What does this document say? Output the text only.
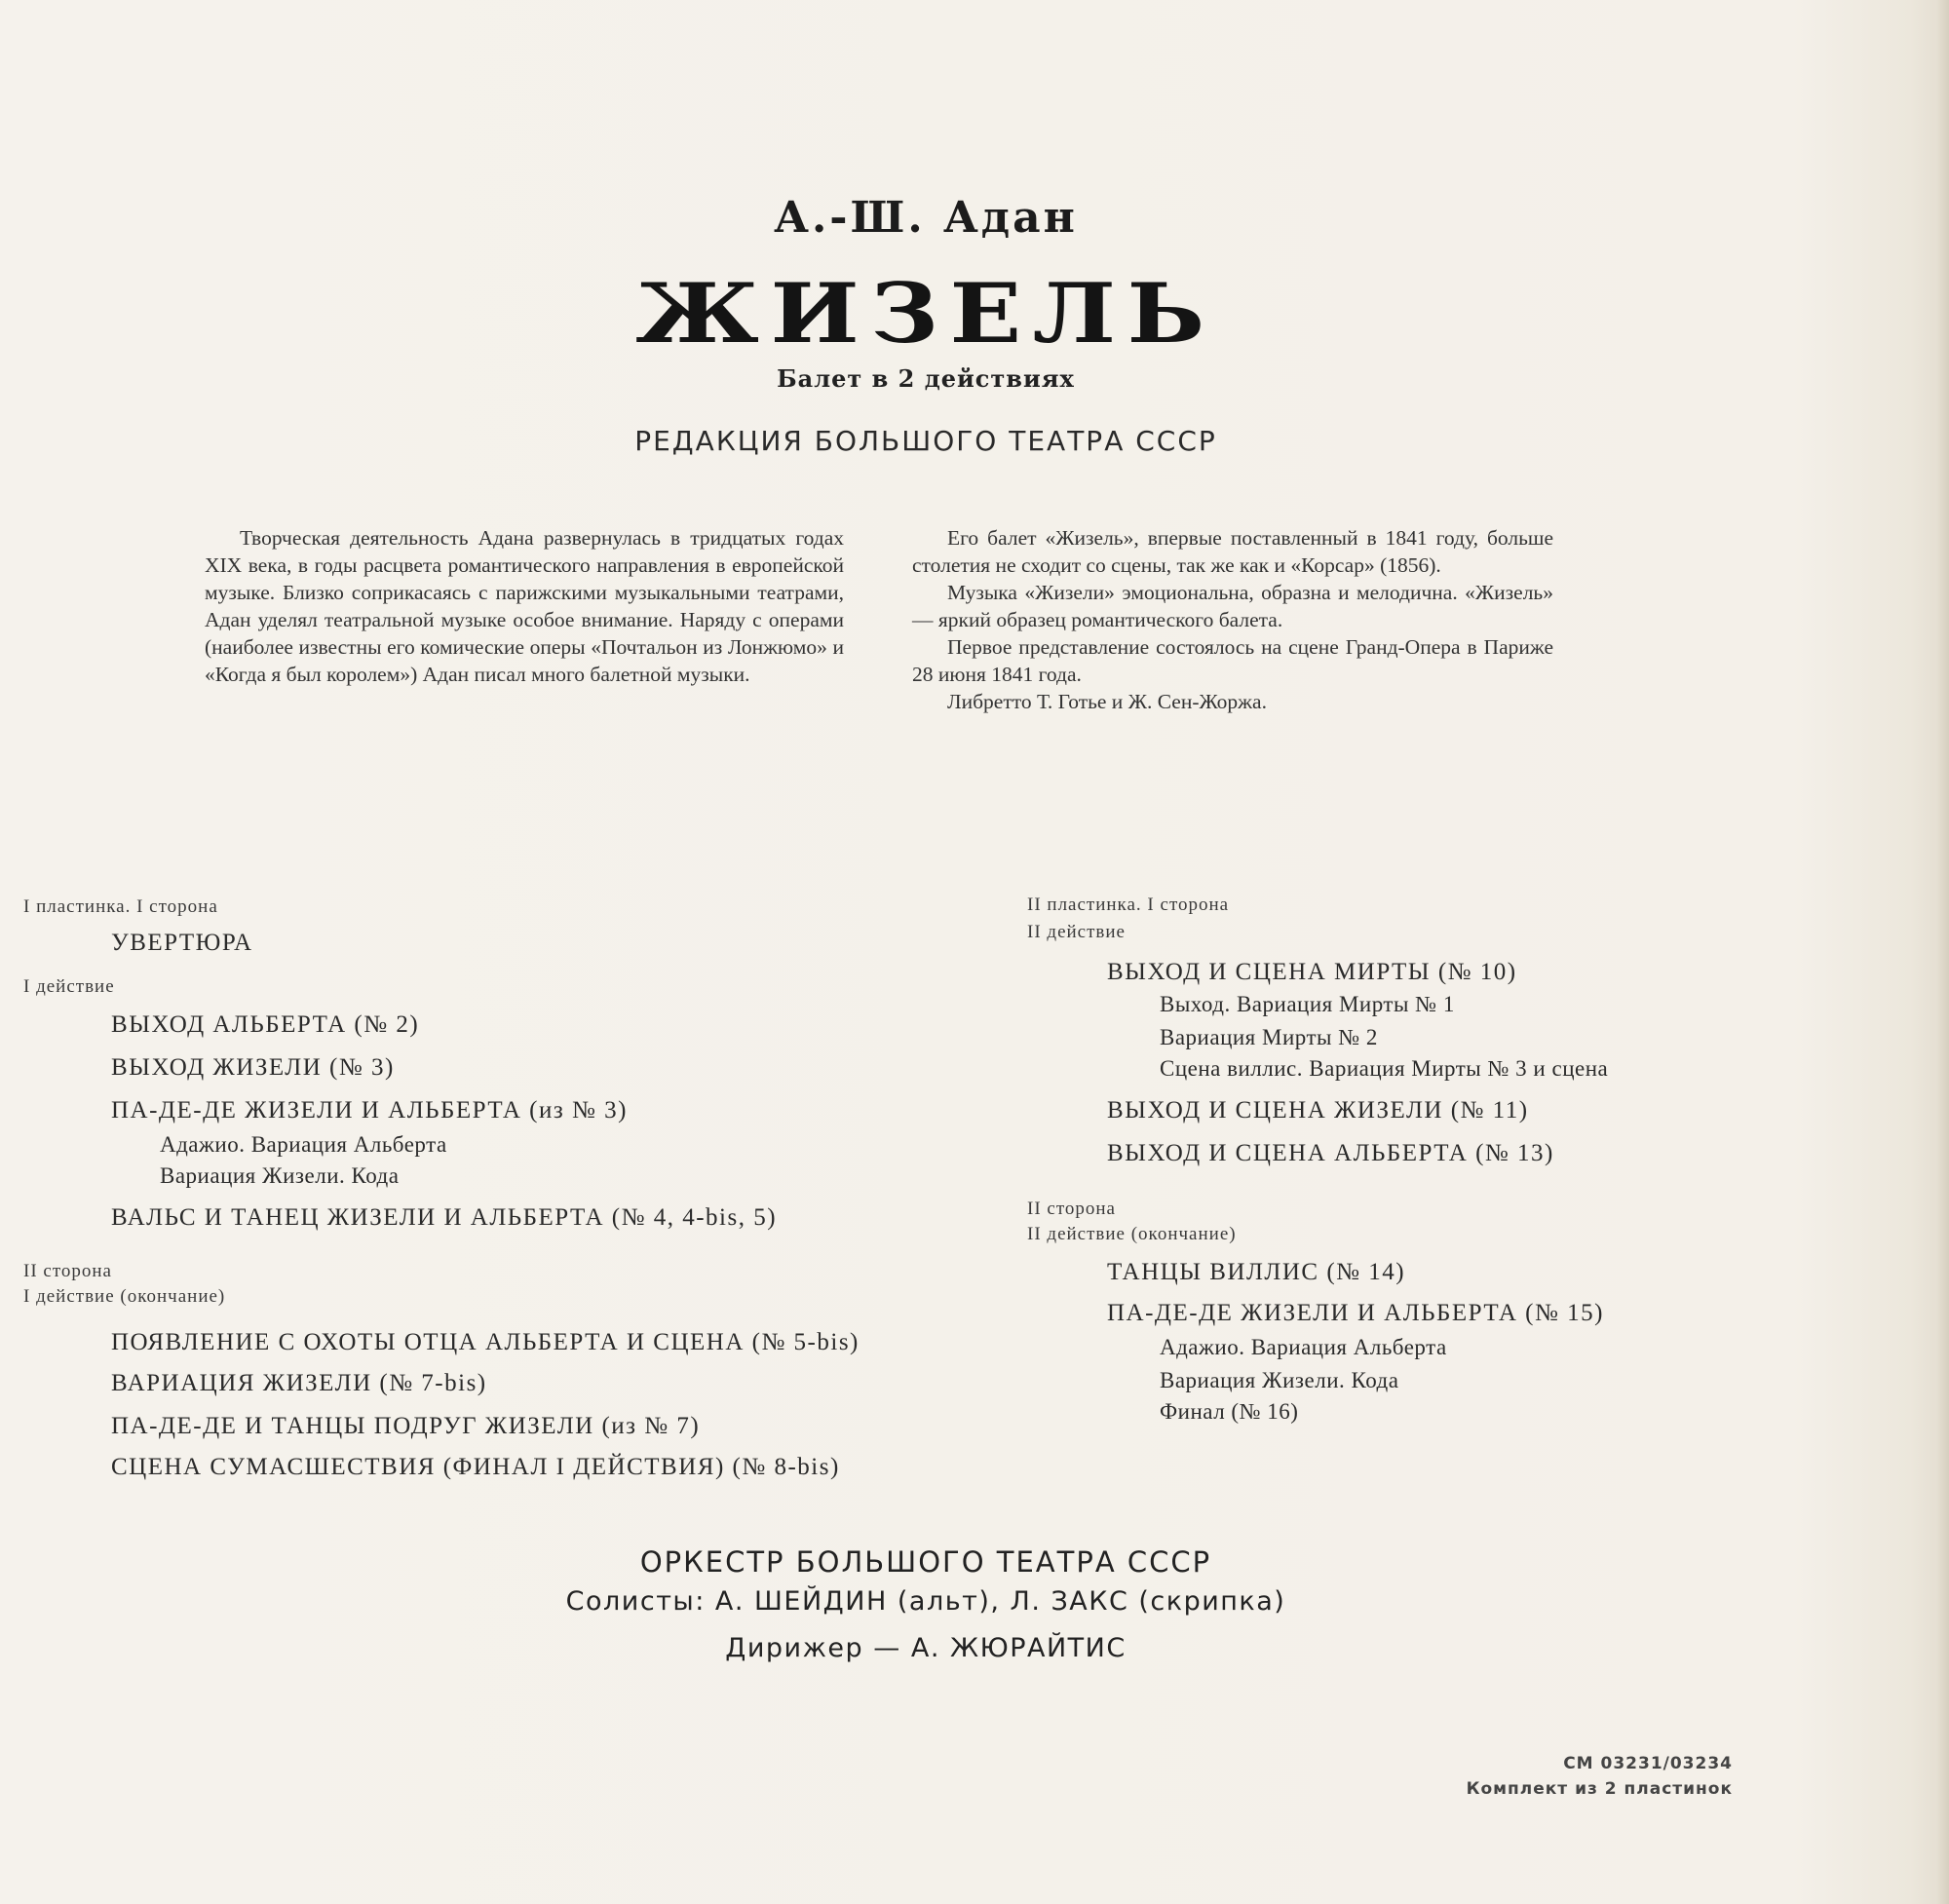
А.-Ш. Адан
ЖИЗЕЛЬ
Балет в 2 действиях
РЕДАКЦИЯ БОЛЬШОГО ТЕАТРА СССР

Творческая деятельность Адана развернулась в тридцатых годах XIX века, в годы расцвета романтического направления в европейской музыке. Близко соприкасаясь с парижскими музыкальными театрами, Адан уделял театральной музыке особое внимание. Наряду с операми (наиболее известны его комические оперы «Почтальон из Лонжюмо» и «Когда я был королем») Адан писал много балетной музыки.

Его балет «Жизель», впервые поставленный в 1841 году, больше столетия не сходит со сцены, так же как и «Корсар» (1856).

Музыка «Жизели» эмоциональна, образна и мелодична. «Жизель» — яркий образец романтического балета.

Первое представление состоялось на сцене Гранд-Опера в Париже 28 июня 1841 года.

Либретто Т. Готье и Ж. Сен-Жоржа.

I пластинка. I сторона
УВЕРТЮРА
I действие
ВЫХОД АЛЬБЕРТА (№ 2)
ВЫХОД ЖИЗЕЛИ (№ 3)
ПА-ДЕ-ДЕ ЖИЗЕЛИ И АЛЬБЕРТА (из № 3)
Адажио. Вариация Альберта
Вариация Жизели. Кода
ВАЛЬС И ТАНЕЦ ЖИЗЕЛИ И АЛЬБЕРТА (№ 4, 4-bis, 5)
II сторона
I действие (окончание)
ПОЯВЛЕНИЕ С ОХОТЫ ОТЦА АЛЬБЕРТА И СЦЕНА (№ 5-bis)
ВАРИАЦИЯ ЖИЗЕЛИ (№ 7-bis)
ПА-ДЕ-ДЕ И ТАНЦЫ ПОДРУГ ЖИЗЕЛИ (из № 7)
СЦЕНА СУМАСШЕСТВИЯ (ФИНАЛ I ДЕЙСТВИЯ) (№ 8-bis)
II пластинка. I сторона
II действие
ВЫХОД И СЦЕНА МИРТЫ (№ 10)
Выход. Вариация Мирты № 1
Вариация Мирты № 2
Сцена виллис. Вариация Мирты № 3 и сцена
ВЫХОД И СЦЕНА ЖИЗЕЛИ (№ 11)
ВЫХОД И СЦЕНА АЛЬБЕРТА (№ 13)
II сторона
II действие (окончание)
ТАНЦЫ ВИЛЛИС (№ 14)
ПА-ДЕ-ДЕ ЖИЗЕЛИ И АЛЬБЕРТА (№ 15)
Адажио. Вариация Альберта
Вариация Жизели. Кода
Финал (№ 16)
ОРКЕСТР БОЛЬШОГО ТЕАТРА СССР
Солисты: А. ШЕЙДИН (альт), Л. ЗАКС (скрипка)
Дирижер — А. ЖЮРАЙТИС
СМ 03231/03234
Комплект из 2 пластинок
